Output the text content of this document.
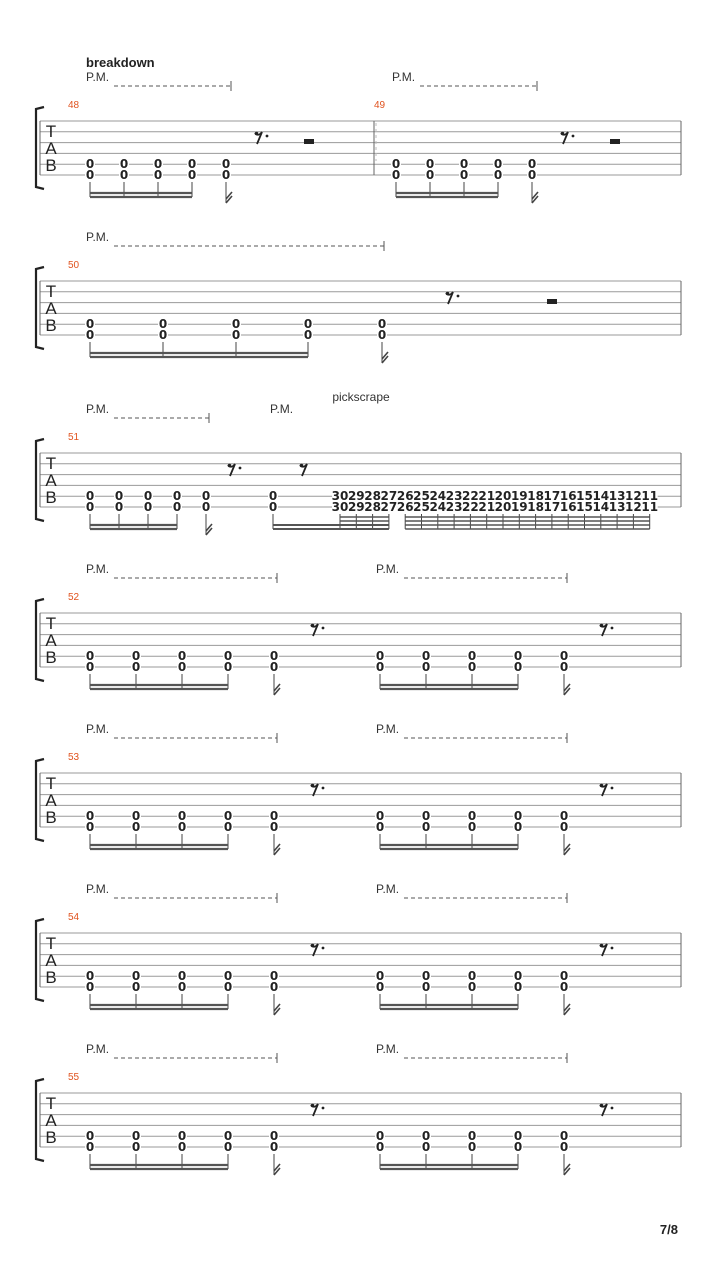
T
A
B
breakdown
P.M.	P.M.
48	49
0
0
0
0
0
0
0
0
0
0
0
0
0
0
0
0
0
0
0
0
T
A
B
P.M.
50
0
0
0
0
0
0
0
0
0
0
T
A
B
P.M.	P.M.
pickscrape
51
0
0
0
0
0
0
0
0
0
0
0
0
30
30
29
29
28
28
27
27
26
26
25
25
24
24
23
23
22
22
21
21
20
20
19
19
18
18
17
17
16
16
15
15
14
14
13
13
12
12
11
11
T
A
B
P.M.	P.M.
52
0
0
0
0
0
0
0
0
0
0
0
0
0
0
0
0
0
0
0
0
T
A
B
P.M.	P.M.
53
0
0
0
0
0
0
0
0
0
0
0
0
0
0
0
0
0
0
0
0
T
A
B
P.M.	P.M.
54
0
0
0
0
0
0
0
0
0
0
0
0
0
0
0
0
0
0
0
0
T
A
B
P.M.	P.M.
55
0
0
0
0
0
0
0
0
0
0
0
0
0
0
0
0
0
0
0
0
7/8
